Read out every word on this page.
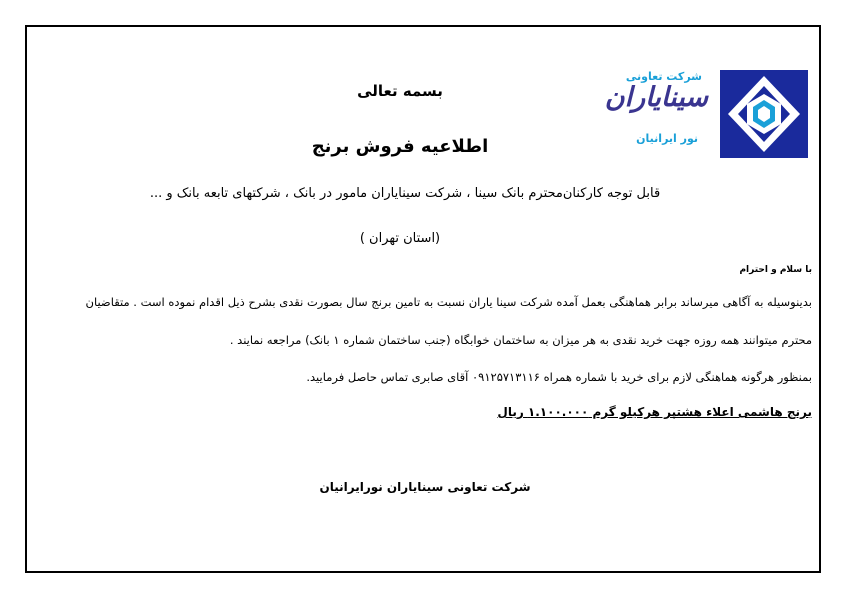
شرکت تعاونی
سینایاران
نور ایرانیان
بسمه تعالی
اطلاعیه فروش برنج
قابل توجه کارکنان‌محترم بانک سینا ، شرکت سینایاران مامور در بانک ، شرکتهای تابعه بانک و ...
(استان تهران )
با سلام و احترام
بدینوسیله به آگاهی میرساند برابر هماهنگی بعمل آمده شرکت سینا یاران نسبت به تامین برنج سال بصورت نقدی بشرح ذیل اقدام نموده است . متقاضیان
محترم میتوانند همه روزه جهت خرید نقدی به هر میزان به ساختمان خوابگاه (جنب ساختمان شماره ۱ بانک) مراجعه نمایند .
بمنظور هرگونه هماهنگی لازم برای خرید با شماره همراه ۰۹۱۲۵۷۱۳۱۱۶ آقای صابری تماس حاصل فرمایید.
برنج هاشمی اعلاء هشتپر هرکیلو گرم ۱.۱۰۰.۰۰۰ ریال
شرکت تعاونی سینایاران نورایرانیان
